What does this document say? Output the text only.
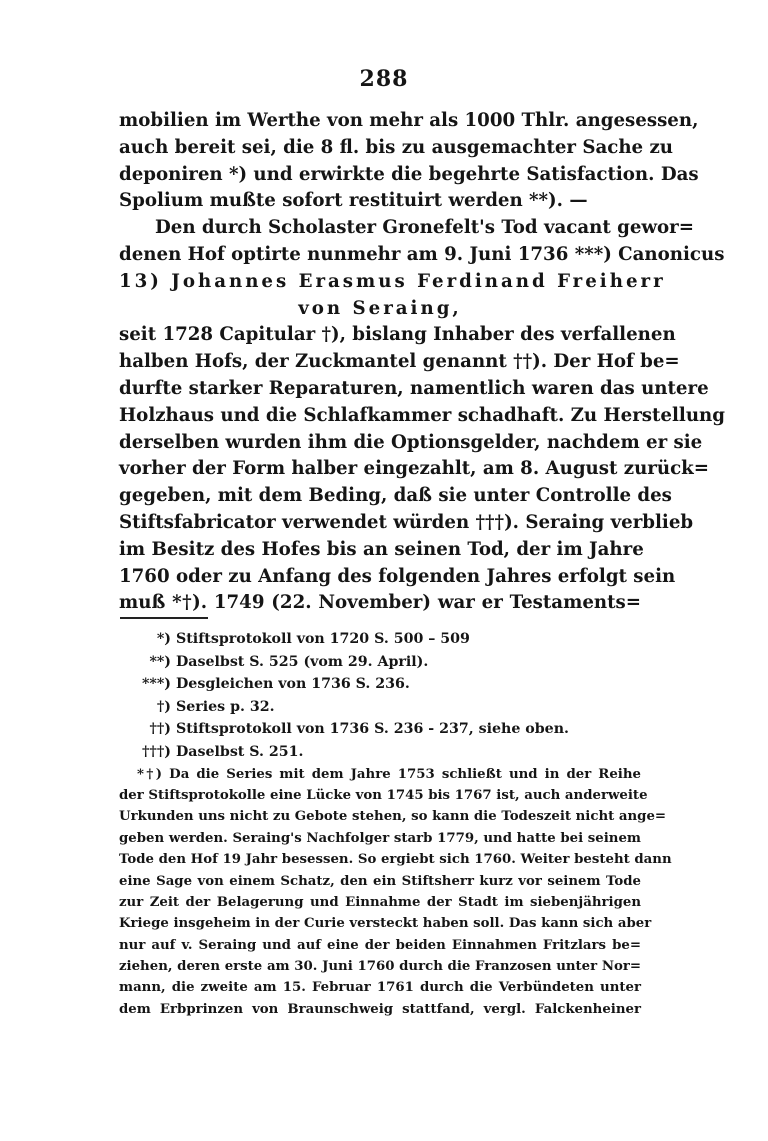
288
mobilien im Werthe von mehr als 1000 Thlr. angesessen,
auch bereit sei, die 8 fl. bis zu ausgemachter Sache zu
deponiren *) und erwirkte die begehrte Satisfaction. Das
Spolium mußte sofort restituirt werden **). —
Den durch Scholaster Gronefelt's Tod vacant gewor=
denen Hof optirte nunmehr am 9. Juni 1736 ***) Canonicus
13) Johannes Erasmus Ferdinand Freiherr
von Seraing,
seit 1728 Capitular †), bislang Inhaber des verfallenen
halben Hofs, der Zuckmantel genannt ††). Der Hof be=
durfte starker Reparaturen, namentlich waren das untere
Holzhaus und die Schlafkammer schadhaft. Zu Herstellung
derselben wurden ihm die Optionsgelder, nachdem er sie
vorher der Form halber eingezahlt, am 8. August zurück=
gegeben, mit dem Beding, daß sie unter Controlle des
Stiftsfabricator verwendet würden †††). Seraing verblieb
im Besitz des Hofes bis an seinen Tod, der im Jahre
1760 oder zu Anfang des folgenden Jahres erfolgt sein
muß *†). 1749 (22. November) war er Testaments=
*) Stiftsprotokoll von 1720 S. 500 – 509
**) Daselbst S. 525 (vom 29. April).
***) Desgleichen von 1736 S. 236.
†) Series p. 32.
††) Stiftsprotokoll von 1736 S. 236 - 237, siehe oben.
†††) Daselbst S. 251.
*†) Da die Series mit dem Jahre 1753 schließt und in der Reihe
der Stiftsprotokolle eine Lücke von 1745 bis 1767 ist, auch anderweite
Urkunden uns nicht zu Gebote stehen, so kann die Todeszeit nicht ange=
geben werden. Seraing's Nachfolger starb 1779, und hatte bei seinem
Tode den Hof 19 Jahr besessen. So ergiebt sich 1760. Weiter besteht dann
eine Sage von einem Schatz, den ein Stiftsherr kurz vor seinem Tode
zur Zeit der Belagerung und Einnahme der Stadt im siebenjährigen
Kriege insgeheim in der Curie versteckt haben soll. Das kann sich aber
nur auf v. Seraing und auf eine der beiden Einnahmen Fritzlars be=
ziehen, deren erste am 30. Juni 1760 durch die Franzosen unter Nor=
mann, die zweite am 15. Februar 1761 durch die Verbündeten unter
dem Erbprinzen von Braunschweig stattfand, vergl. Falckenheiner
